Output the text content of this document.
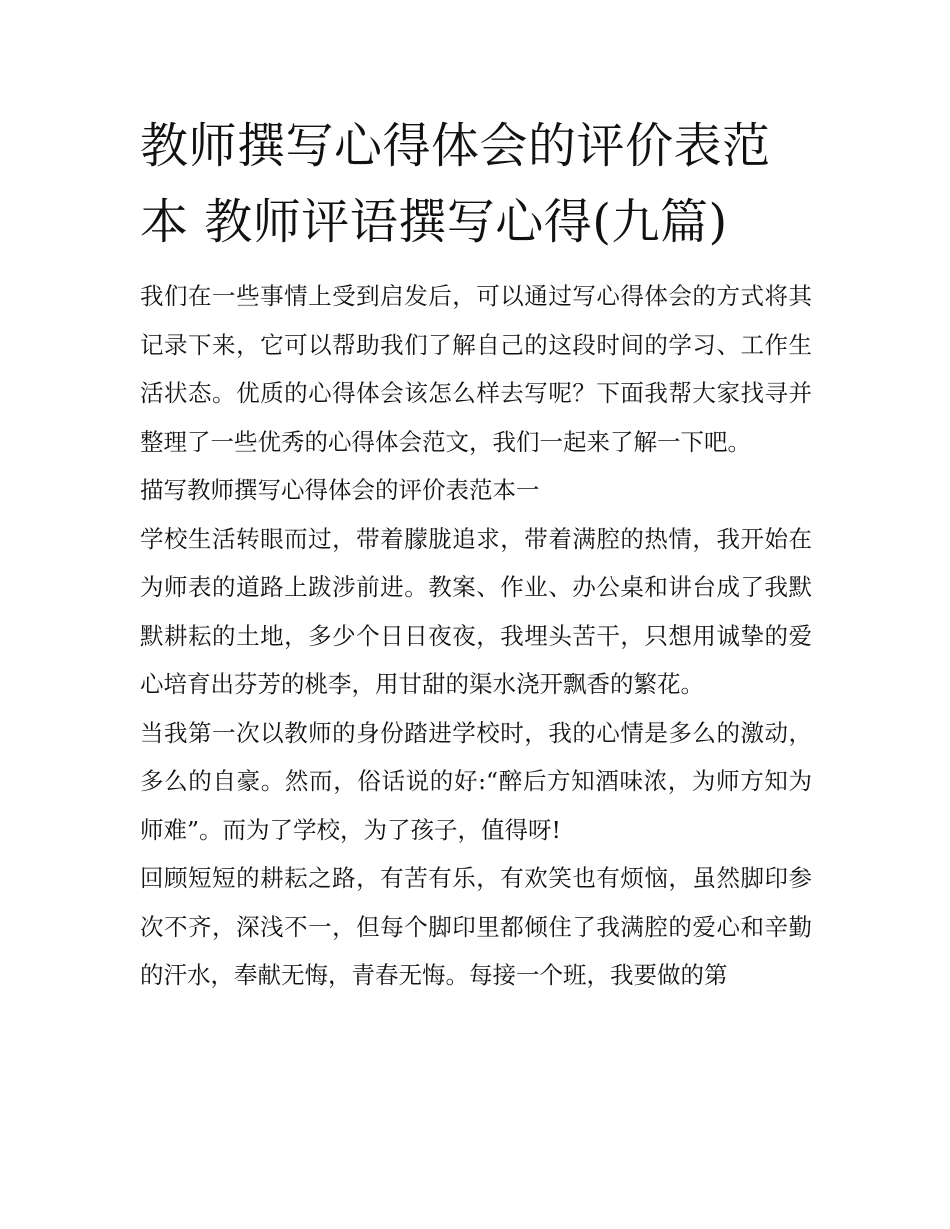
教师撰写心得体会的评价表范本 教师评语撰写心得(九篇)

我们在一些事情上受到启发后，可以通过写心得体会的方式将其记录下来，它可以帮助我们了解自己的这段时间的学习、工作生活状态。优质的心得体会该怎么样去写呢？下面我帮大家找寻并整理了一些优秀的心得体会范文，我们一起来了解一下吧。

描写教师撰写心得体会的评价表范本一

学校生活转眼而过，带着朦胧追求，带着满腔的热情，我开始在为师表的道路上跋涉前进。教案、作业、办公桌和讲台成了我默默耕耘的土地，多少个日日夜夜，我埋头苦干，只想用诚挚的爱心培育出芬芳的桃李，用甘甜的渠水浇开飘香的繁花。

当我第一次以教师的身份踏进学校时，我的心情是多么的激动，多么的自豪。然而，俗话说的好:“醉后方知酒味浓，为师方知为师难”。而为了学校，为了孩子，值得呀!

回顾短短的耕耘之路，有苦有乐，有欢笑也有烦恼，虽然脚印参次不齐，深浅不一，但每个脚印里都倾住了我满腔的爱心和辛勤的汗水，奉献无悔，青春无悔。每接一个班，我要做的第
